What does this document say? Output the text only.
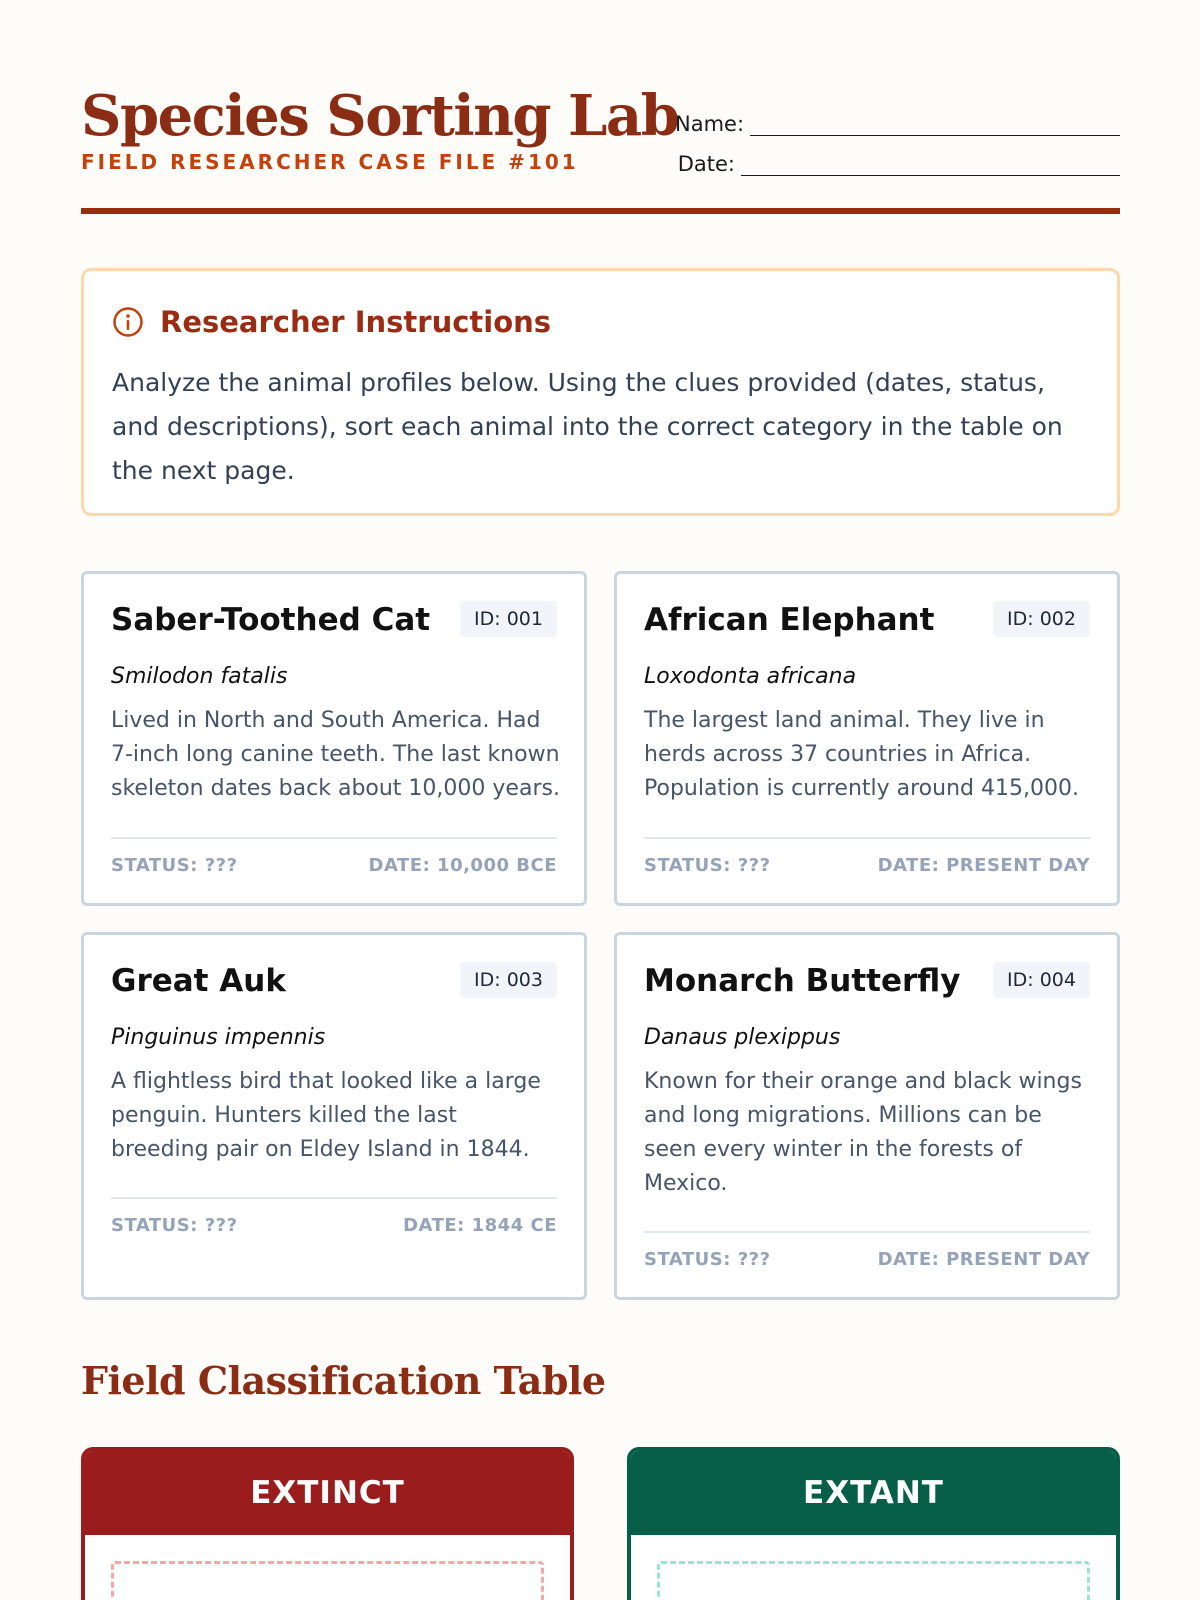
Species Sorting Lab
FIELD RESEARCHER CASE FILE #101
Name:
Date:
Researcher Instructions
Analyze the animal profiles below. Using the clues provided (dates, status, and descriptions), sort each animal into the correct category in the table on the next page.
Saber-Toothed Cat	ID: 001
Smilodon fatalis
Lived in North and South America. Had 7-inch long canine teeth. The last known skeleton dates back about 10,000 years.
STATUS: ???	DATE: 10,000 BCE
African Elephant	ID: 002
Loxodonta africana
The largest land animal. They live in herds across 37 countries in Africa. Population is currently around 415,000.
STATUS: ???	DATE: PRESENT DAY
Great Auk	ID: 003
Pinguinus impennis
A flightless bird that looked like a large penguin. Hunters killed the last breeding pair on Eldey Island in 1844.
STATUS: ???	DATE: 1844 CE
Monarch Butterfly	ID: 004
Danaus plexippus
Known for their orange and black wings and long migrations. Millions can be seen every winter in the forests of Mexico.
STATUS: ???	DATE: PRESENT DAY
Field Classification Table
EXTINCT	EXTANT
